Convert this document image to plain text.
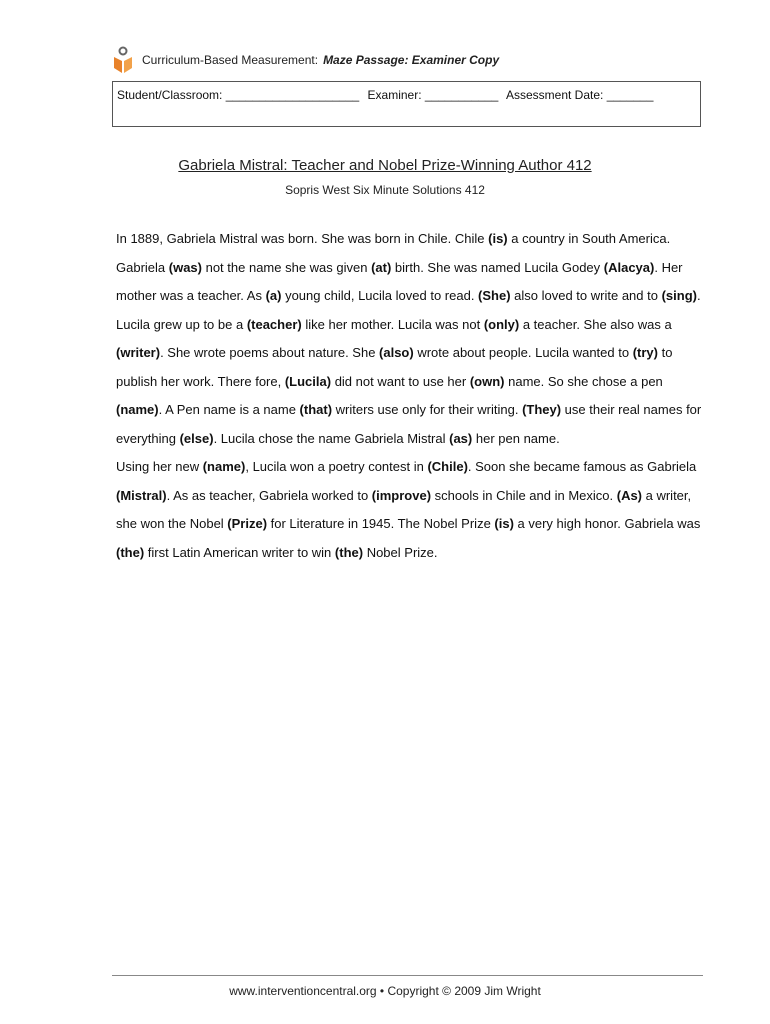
Curriculum-Based Measurement: Maze Passage: Examiner Copy
Student/Classroom: ____________________ Examiner: ___________ Assessment Date: _______
Gabriela Mistral: Teacher and Nobel Prize-Winning Author 412
Sopris West Six Minute Solutions 412

In 1889, Gabriela Mistral was born. She was born in Chile. Chile (is) a country in South America. Gabriela (was) not the name she was given (at) birth. She was named Lucila Godey (Alacya). Her mother was a teacher. As (a) young child, Lucila loved to read. (She) also loved to write and to (sing).

Lucila grew up to be a (teacher) like her mother. Lucila was not (only) a teacher. She also was a (writer). She wrote poems about nature. She (also) wrote about people. Lucila wanted to (try) to publish her work. There fore, (Lucila) did not want to use her (own) name. So she chose a pen (name). A Pen name is a name (that) writers use only for their writing. (They) use their real names for everything (else). Lucila chose the name Gabriela Mistral (as) her pen name.

Using her new (name), Lucila won a poetry contest in (Chile). Soon she became famous as Gabriela (Mistral). As as teacher, Gabriela worked to (improve) schools in Chile and in Mexico. (As) a writer, she won the Nobel (Prize) for Literature in 1945. The Nobel Prize (is) a very high honor. Gabriela was (the) first Latin American writer to win (the) Nobel Prize.

www.interventioncentral.org • Copyright © 2009 Jim Wright
